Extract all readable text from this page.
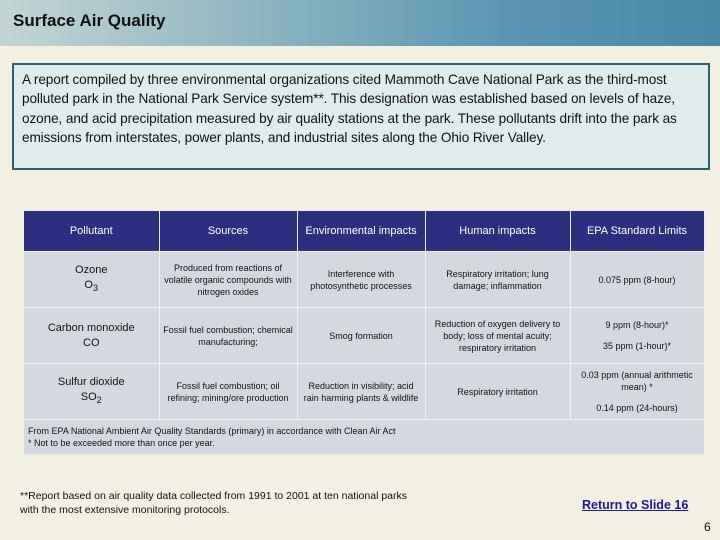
Surface Air Quality
A report compiled by three environmental organizations cited Mammoth Cave National Park as the third-most polluted park in the National Park Service system**. This designation was established based on levels of haze, ozone, and acid precipitation measured by air quality stations at the park. These pollutants drift into the park as emissions from interstates, power plants, and industrial sites along the Ohio River Valley.
Pollutant	Sources	Environmental impacts	Human impacts	EPA Standard Limits
Ozone
$O_3$	Produced from reactions of volatile organic compounds with nitrogen oxides	Interference with photosynthetic processes	Respiratory irritation; lung damage; inflammation	0.075 ppm (8-hour)
Carbon monoxide
CO	Fossil fuel combustion; chemical manufacturing;	Smog formation	Reduction of oxygen delivery to body; loss of mental acuity; respiratory irritation	9 ppm (8-hour)*
35 ppm (1-hour)*
Sulfur dioxide
$SO_2$	Fossil fuel combustion; oil refining; mining/ore production	Reduction in visibility; acid rain harming plants & wildlife	Respiratory irritation	0.03 ppm (annual arithmetic mean) *
0.14 ppm (24-hours)
From EPA National Ambient Air Quality Standards (primary) in accordance with Clean Air Act
* Not to be exceeded more than once per year.				
**Report based on air quality data collected from 1991 to 2001 at ten national parks
with the most extensive monitoring protocols.	Return to Slide 16
6
